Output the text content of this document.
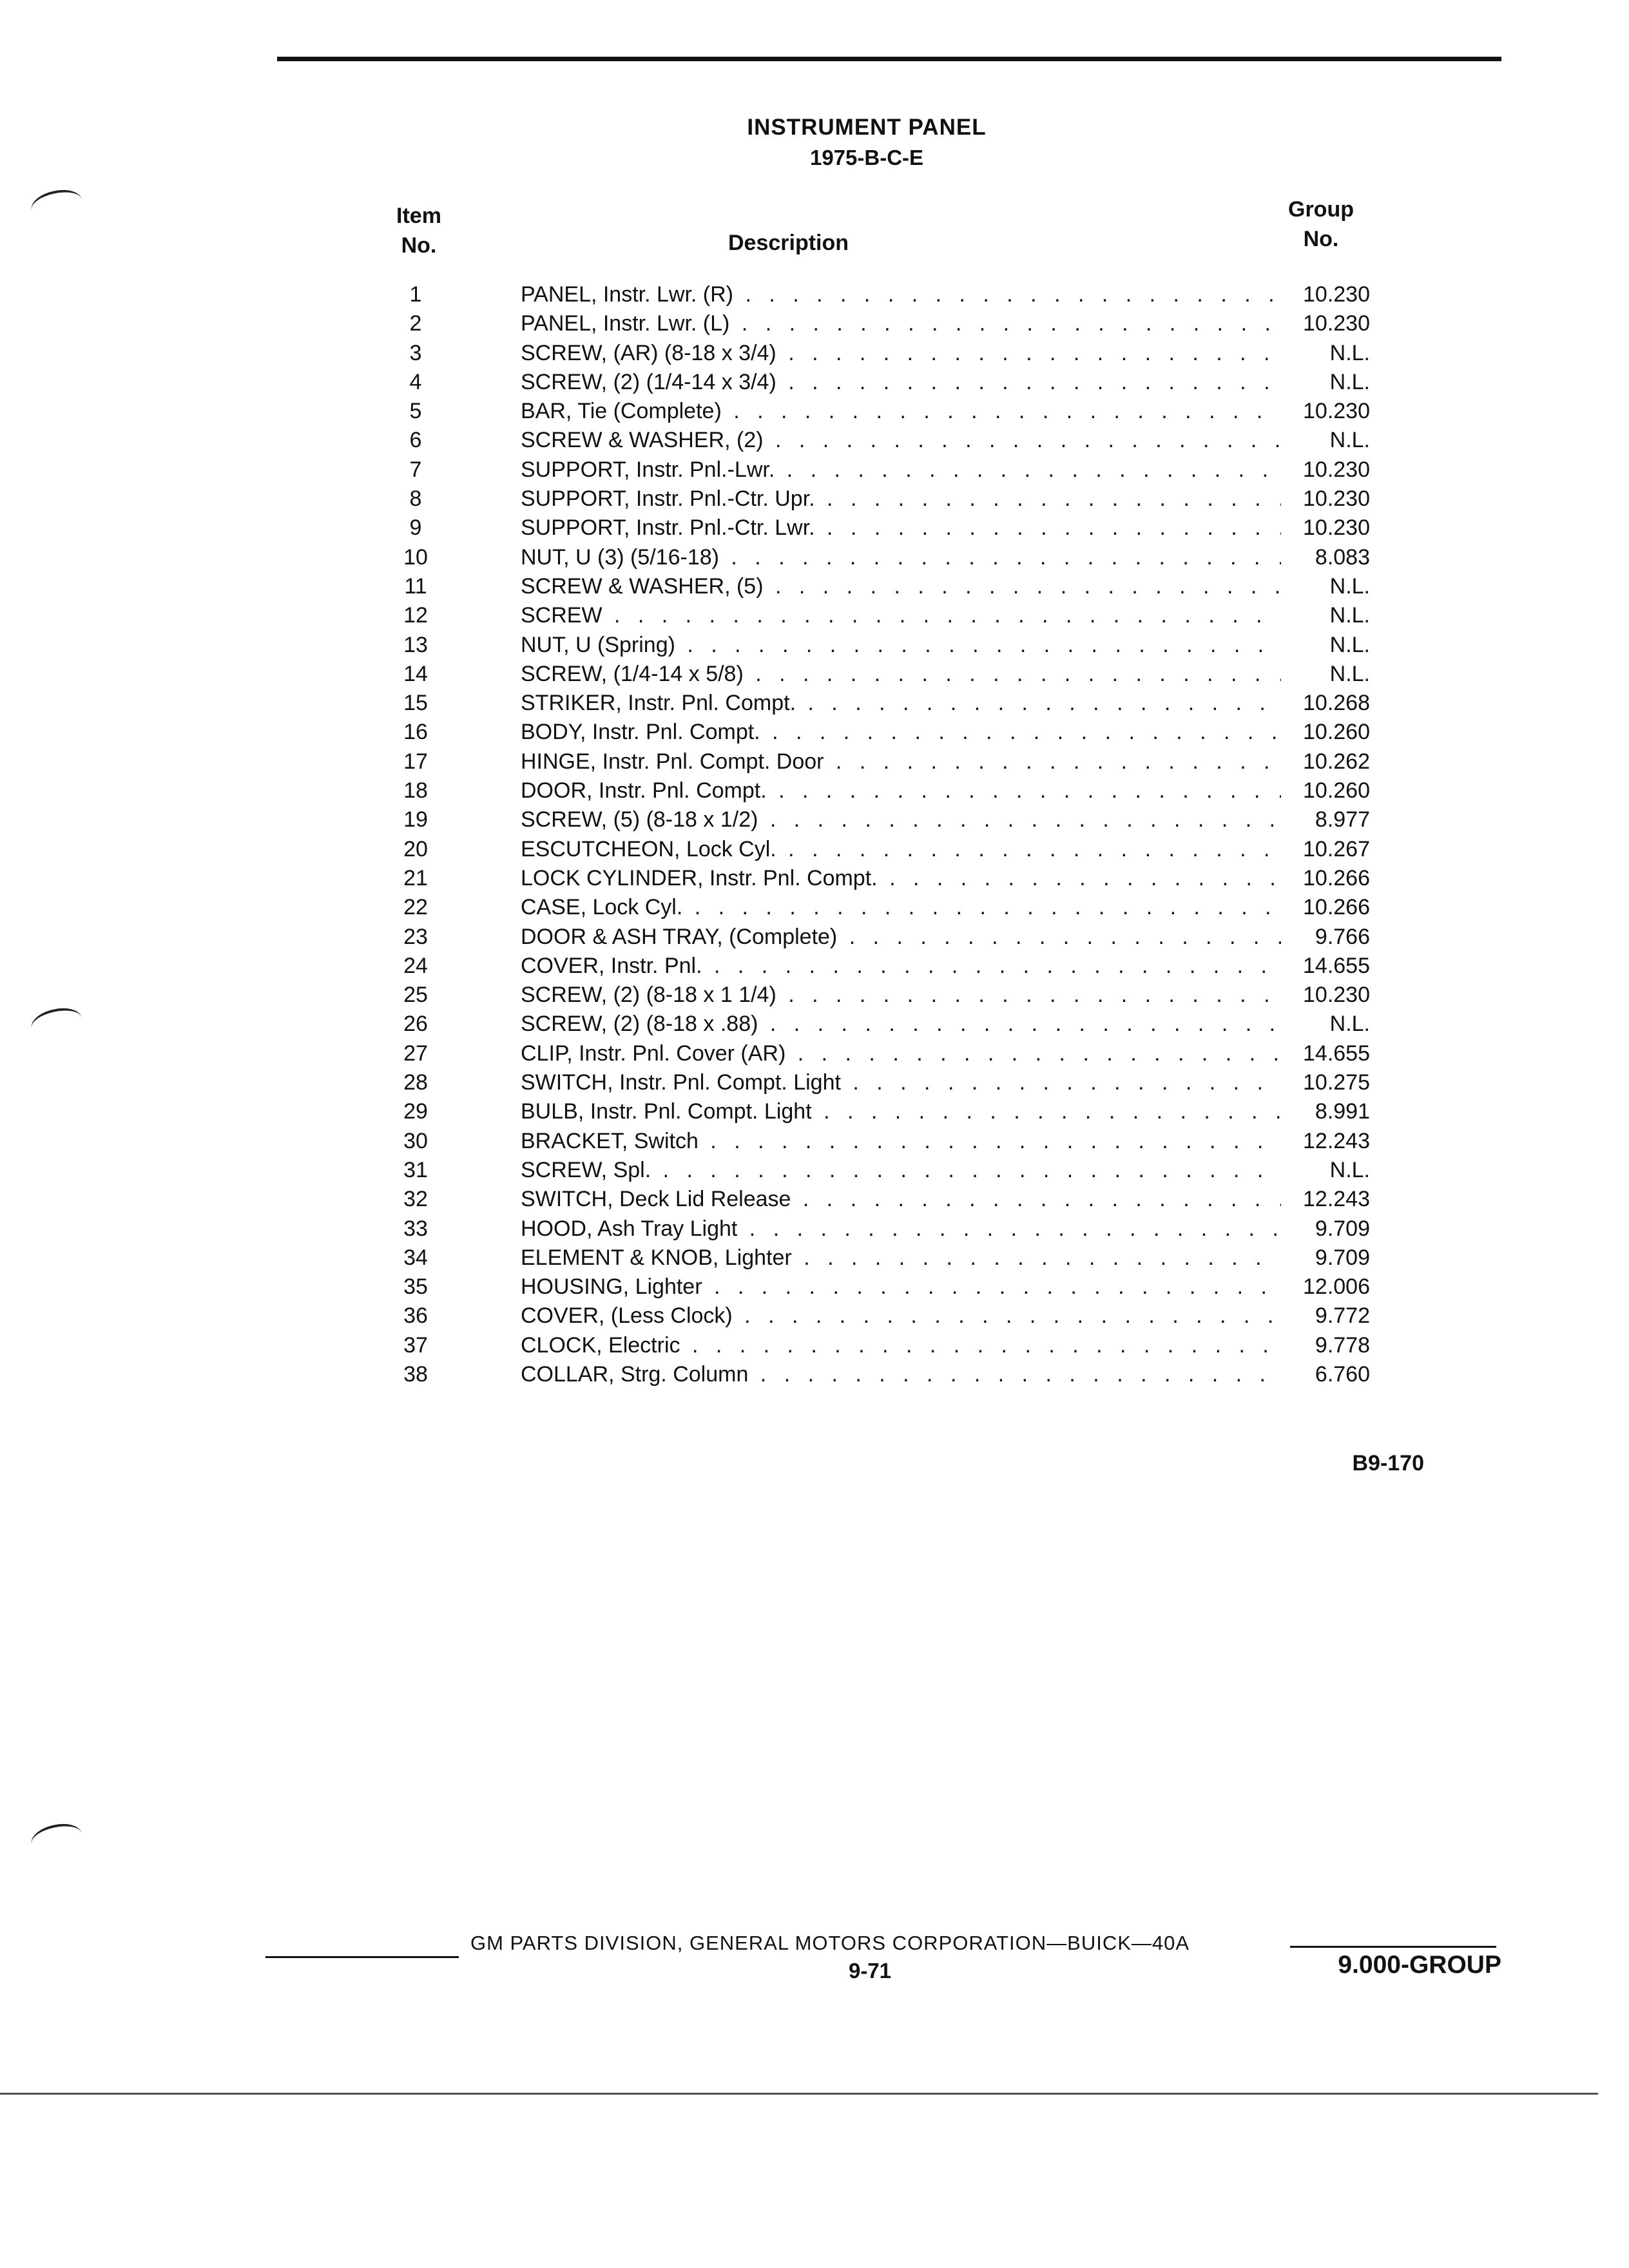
INSTRUMENT PANEL
1975-B-C-E
Item
No.	Description
Group
No.
1	PANEL, Instr. Lwr. (R) . . .	10.230
2	PANEL, Instr. Lwr. (L) . . .	10.230
3	SCREW, (AR) (8-18 x 3/4) . . .	N.L.
4	SCREW, (2) (1/4-14 x 3/4) . . .	N.L.
5	BAR, Tie (Complete) . . .	10.230
6	SCREW & WASHER, (2) . . .	N.L.
7	SUPPORT, Instr. Pnl.-Lwr. . . .	10.230
8	SUPPORT, Instr. Pnl.-Ctr. Upr. . . .	10.230
9	SUPPORT, Instr. Pnl.-Ctr. Lwr. . . .	10.230
10	NUT, U (3) (5/16-18) . . .	8.083
11	SCREW & WASHER, (5) . . .	N.L.
12	SCREW . . .	N.L.
13	NUT, U (Spring) . . .	N.L.
14	SCREW, (1/4-14 x 5/8) . . .	N.L.
15	STRIKER, Instr. Pnl. Compt. . . .	10.268
16	BODY, Instr. Pnl. Compt. . . .	10.260
17	HINGE, Instr. Pnl. Compt. Door . . .	10.262
18	DOOR, Instr. Pnl. Compt. . . .	10.260
19	SCREW, (5) (8-18 x 1/2) . . .	8.977
20	ESCUTCHEON, Lock Cyl. . . .	10.267
21	LOCK CYLINDER, Instr. Pnl. Compt. . . .	10.266
22	CASE, Lock Cyl. . . .	10.266
23	DOOR & ASH TRAY, (Complete) . . .	9.766
24	COVER, Instr. Pnl. . . .	14.655
25	SCREW, (2) (8-18 x 1 1/4) . . .	10.230
26	SCREW, (2) (8-18 x .88) . . .	N.L.
27	CLIP, Instr. Pnl. Cover (AR) . . .	14.655
28	SWITCH, Instr. Pnl. Compt. Light . . .	10.275
29	BULB, Instr. Pnl. Compt. Light . . .	8.991
30	BRACKET, Switch . . .	12.243
31	SCREW, Spl. . . .	N.L.
32	SWITCH, Deck Lid Release . . .	12.243
33	HOOD, Ash Tray Light . . .	9.709
34	ELEMENT & KNOB, Lighter . . .	9.709
35	HOUSING, Lighter . . .	12.006
36	COVER, (Less Clock) . . .	9.772
37	CLOCK, Electric . . .	9.778
38	COLLAR, Strg. Column . . .	6.760
B9-170
GM PARTS DIVISION, GENERAL MOTORS CORPORATION—BUICK—40A
9-71	9.000-GROUP
